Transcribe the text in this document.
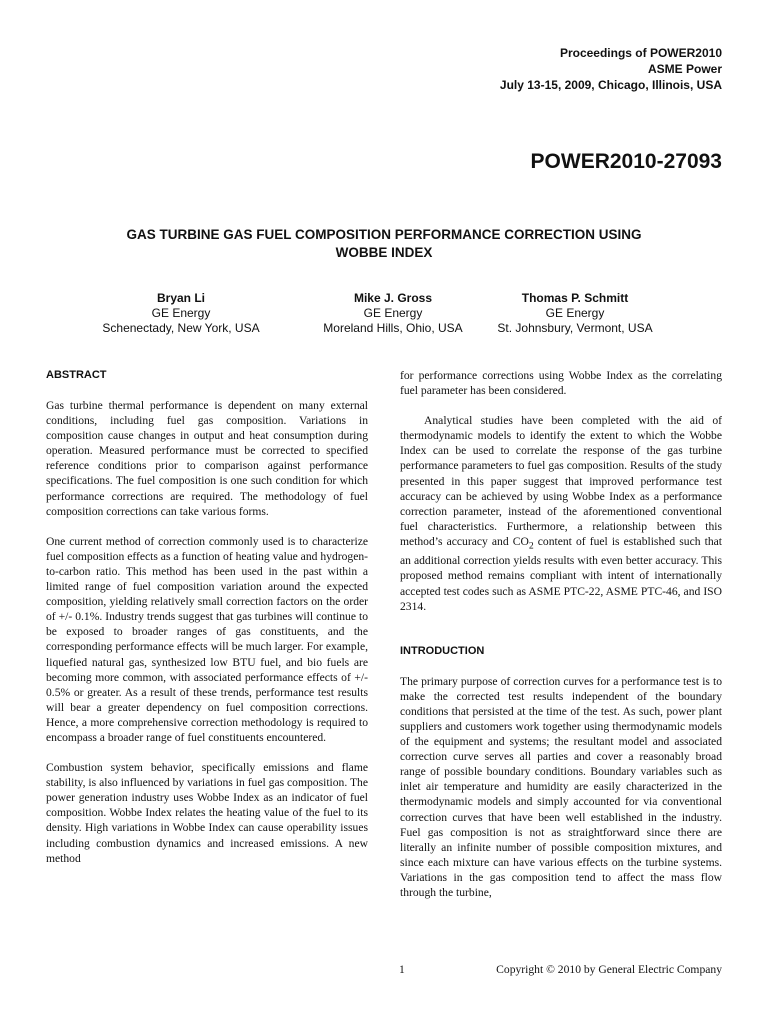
Proceedings of POWER2010
ASME Power
July 13-15, 2009, Chicago, Illinois, USA
POWER2010-27093
GAS TURBINE GAS FUEL COMPOSITION PERFORMANCE CORRECTION USING
WOBBE INDEX
Bryan Li
GE Energy
Schenectady, New York, USA
Mike J. Gross
GE Energy
Moreland Hills, Ohio, USA
Thomas P. Schmitt
GE Energy
St. Johnsbury, Vermont, USA
ABSTRACT

Gas turbine thermal performance is dependent on many external conditions, including fuel gas composition. Variations in composition cause changes in output and heat consumption during operation. Measured performance must be corrected to specified reference conditions prior to comparison against performance specifications. The fuel composition is one such condition for which performance corrections are required. The methodology of fuel composition corrections can take various forms.

One current method of correction commonly used is to characterize fuel composition effects as a function of heating value and hydrogen-to-carbon ratio. This method has been used in the past within a limited range of fuel composition variation around the expected composition, yielding relatively small correction factors on the order of +/- 0.1%. Industry trends suggest that gas turbines will continue to be exposed to broader ranges of gas constituents, and the corresponding performance effects will be much larger. For example, liquefied natural gas, synthesized low BTU fuel, and bio fuels are becoming more common, with associated performance effects of +/- 0.5% or greater. As a result of these trends, performance test results will bear a greater dependency on fuel composition corrections. Hence, a more comprehensive correction methodology is required to encompass a broader range of fuel constituents encountered.

Combustion system behavior, specifically emissions and flame stability, is also influenced by variations in fuel gas composition. The power generation industry uses Wobbe Index as an indicator of fuel composition. Wobbe Index relates the heating value of the fuel to its density. High variations in Wobbe Index can cause operability issues including combustion dynamics and increased emissions. A new method

for performance corrections using Wobbe Index as the correlating fuel parameter has been considered.

Analytical studies have been completed with the aid of thermodynamic models to identify the extent to which the Wobbe Index can be used to correlate the response of the gas turbine performance parameters to fuel gas composition. Results of the study presented in this paper suggest that improved performance test accuracy can be achieved by using Wobbe Index as a performance correction parameter, instead of the aforementioned conventional fuel characteristics. Furthermore, a relationship between this method’s accuracy and $CO_2$ content of fuel is established such that an additional correction yields results with even better accuracy. This proposed method remains compliant with intent of internationally accepted test codes such as ASME PTC-22, ASME PTC-46, and ISO 2314.

INTRODUCTION

The primary purpose of correction curves for a performance test is to make the corrected test results independent of the boundary conditions that persisted at the time of the test. As such, power plant suppliers and customers work together using thermodynamic models of the equipment and systems; the resultant model and associated correction curve serves all parties and cover a reasonably broad range of possible boundary conditions. Boundary variables such as inlet air temperature and humidity are easily characterized in the thermodynamic models and simply accounted for via conventional correction curves that have been well established in the industry. Fuel gas composition is not as straightforward since there are literally an infinite number of possible composition mixtures, and since each mixture can have various effects on the turbine systems. Variations in the gas composition tend to affect the mass flow through the turbine,

1	Copyright © 2010 by General Electric Company
